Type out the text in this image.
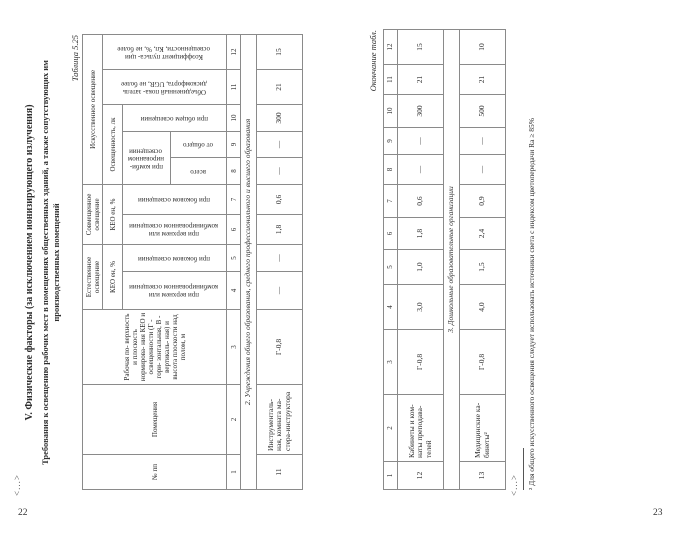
<...>
V. Физические факторы (за исключением ионизирующего излучения) Требования к освещению рабочих мест в помещениях общественных зданий, а также сопутствующих им производственных помещений
Таблица 5.25
№ пп	Помещения	Рабочая по- верхность и плоскость нормирова- ния КЕО и освещенности (Г - гори- зонтальная, В - вертикаль- ная) и высота плоскости над полом, м	Естественное освещение		Совмещенное освещение		Искусственное освещение				
			КЕО ен, %		КЕО ен, %		Освещенность, лк			Объединенный пока- затель дискомфорта, UGR, не более	Коэффициент пульса- ции освещенности, Кп, %, не более
			при верхнем или комбинированном освещении	при боковом освещении	при верхнем или комбинированном освещении	при боковом освещении	при комби- нированном освещении		при общем освещении		
							всего	от общего			
1	2	3	4	5	6	7	8	9	10	11	12
2. Учреждения общего образования, среднего профессионального и высшего образования											
11	Инструменталь- ная, комната ма- стера-инструктора	Г-0,8	—	—	1,8	0,6	—	—	300	21	15	Окончание табл.
1	2	3	4	5	6	7	8	9	10	11	12
12	Кабинеты и ком- наты преподава- телей	Г-0,8	3,0	1,0	1,8	0,6	—	—	300	21	15
3. Дошкольные образовательные организации											
13	Медицинские ка- бинеты²	Г-0,8	4,0	1,5	2,4	0,9	—	—	500	21	10
<...> ² Для общего искусственного освещения следует использовать источники света с индексом цветопередачи Rа ≥ 85%
22	23
